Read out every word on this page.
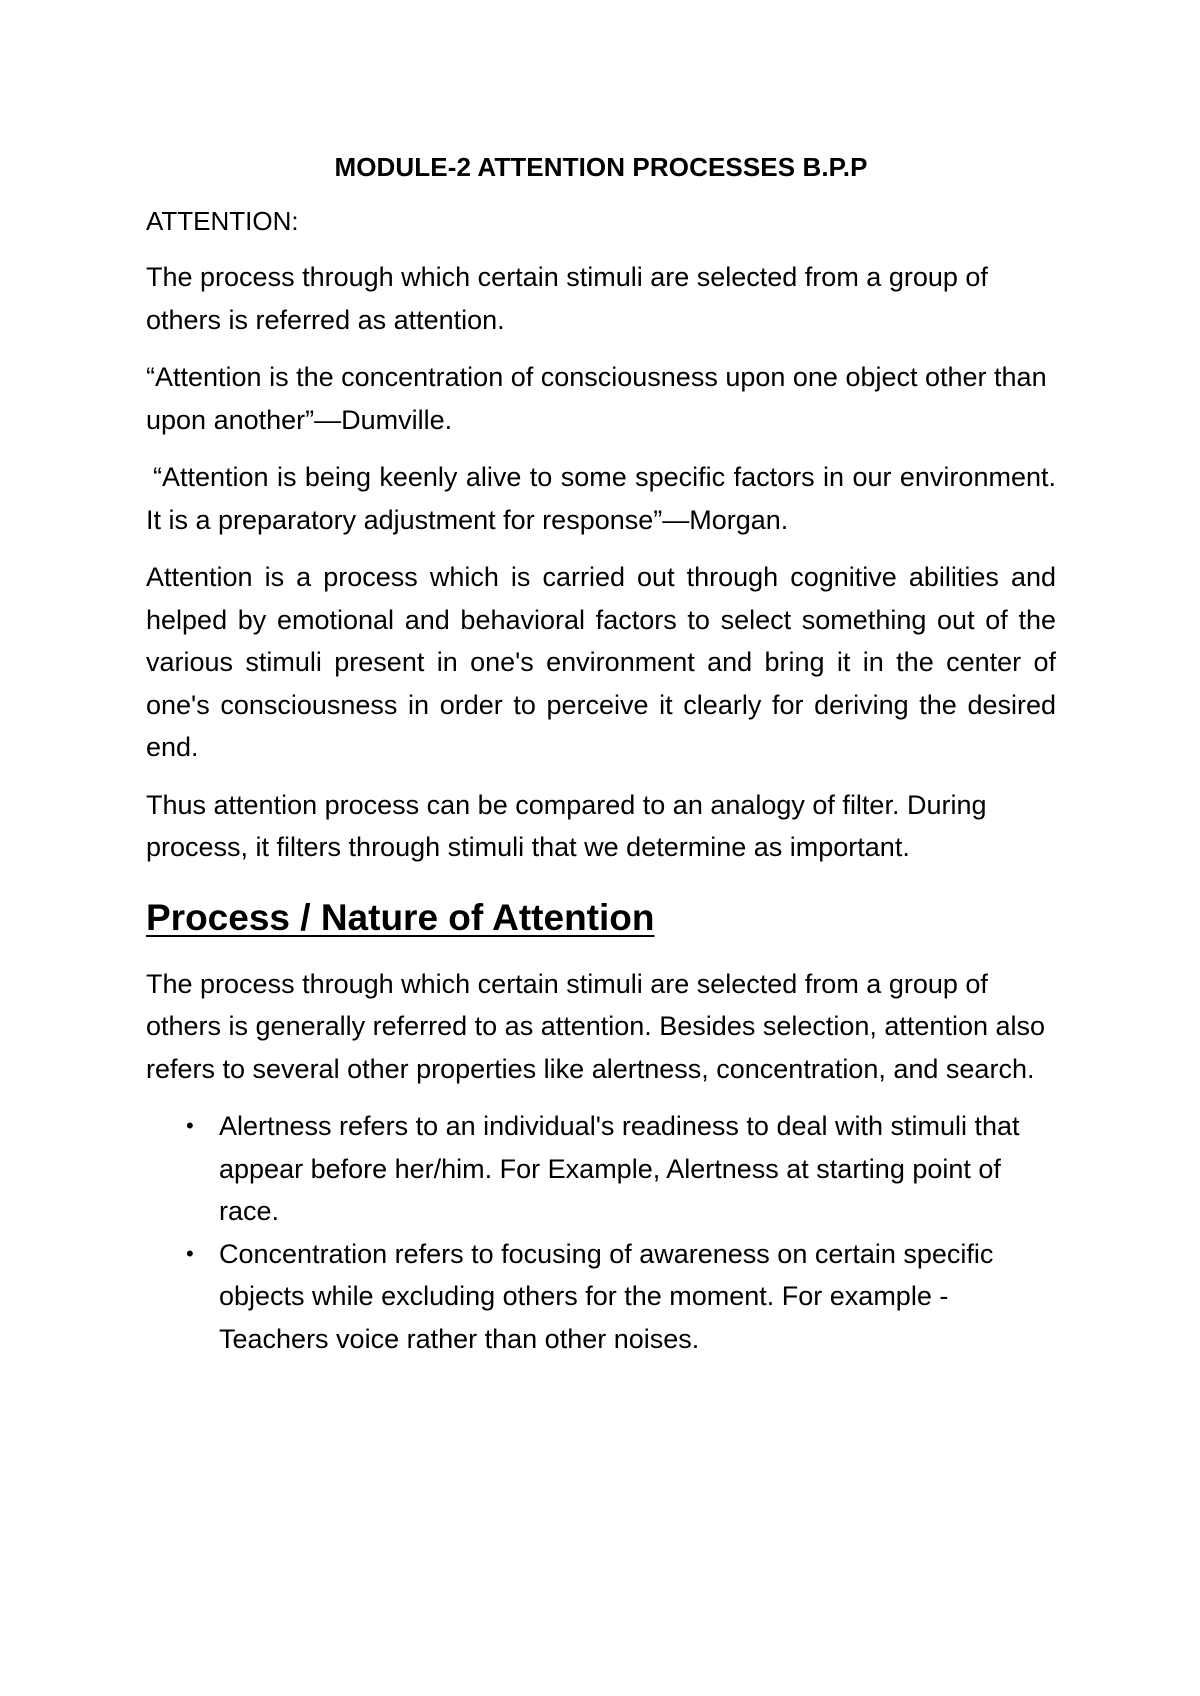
MODULE-2 ATTENTION PROCESSES B.P.P
ATTENTION:

The process through which certain stimuli are selected from a group of others is referred as attention.

“Attention is the concentration of consciousness upon one object other than upon another”—Dumville.

“Attention is being keenly alive to some specific factors in our environment. It is a preparatory adjustment for response”—Morgan.

Attention is a process which is carried out through cognitive abilities and helped by emotional and behavioral factors to select something out of the various stimuli present in one's environment and bring it in the center of one's consciousness in order to perceive it clearly for deriving the desired end.

Thus attention process can be compared to an analogy of filter. During process, it filters through stimuli that we determine as important.

Process / Nature of Attention

The process through which certain stimuli are selected from a group of others is generally referred to as attention. Besides selection, attention also refers to several other properties like alertness, concentration, and search.

• Alertness refers to an individual's readiness to deal with stimuli that appear before her/him. For Example, Alertness at starting point of race.
• Concentration refers to focusing of awareness on certain specific objects while excluding others for the moment. For example - Teachers voice rather than other noises.
